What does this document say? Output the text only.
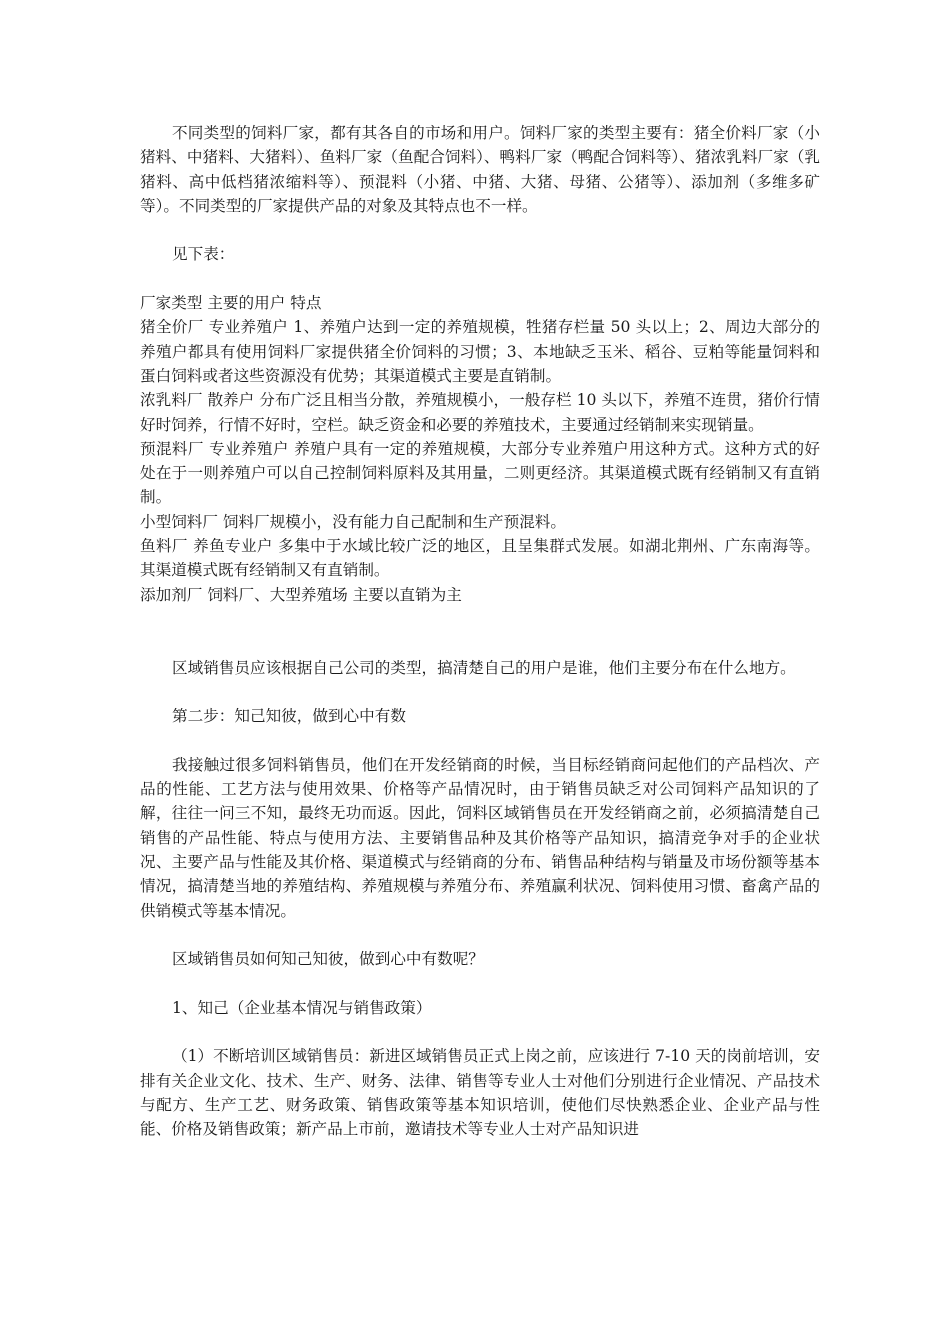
不同类型的饲料厂家，都有其各自的市场和用户。饲料厂家的类型主要有：猪全价料厂家（小猪料、中猪料、大猪料）、鱼料厂家（鱼配合饲料）、鸭料厂家（鸭配合饲料等）、猪浓乳料厂家（乳猪料、高中低档猪浓缩料等）、预混料（小猪、中猪、大猪、母猪、公猪等）、添加剂（多维多矿等）。不同类型的厂家提供产品的对象及其特点也不一样。

见下表：

厂家类型 主要的用户 特点

猪全价厂 专业养殖户 1、养殖户达到一定的养殖规模，牲猪存栏量 50 头以上；2、周边大部分的养殖户都具有使用饲料厂家提供猪全价饲料的习惯；3、本地缺乏玉米、稻谷、豆粕等能量饲料和蛋白饲料或者这些资源没有优势；其渠道模式主要是直销制。

浓乳料厂 散养户 分布广泛且相当分散，养殖规模小，一般存栏 10 头以下，养殖不连贯，猪价行情好时饲养，行情不好时，空栏。缺乏资金和必要的养殖技术，主要通过经销制来实现销量。

预混料厂 专业养殖户 养殖户具有一定的养殖规模，大部分专业养殖户用这种方式。这种方式的好处在于一则养殖户可以自己控制饲料原料及其用量，二则更经济。其渠道模式既有经销制又有直销制。

小型饲料厂 饲料厂规模小，没有能力自己配制和生产预混料。

鱼料厂 养鱼专业户 多集中于水域比较广泛的地区，且呈集群式发展。如湖北荆州、广东南海等。其渠道模式既有经销制又有直销制。

添加剂厂 饲料厂、大型养殖场 主要以直销为主

区域销售员应该根据自己公司的类型，搞清楚自己的用户是谁，他们主要分布在什么地方。

第二步：知己知彼，做到心中有数

我接触过很多饲料销售员，他们在开发经销商的时候，当目标经销商问起他们的产品档次、产品的性能、工艺方法与使用效果、价格等产品情况时，由于销售员缺乏对公司饲料产品知识的了解，往往一问三不知，最终无功而返。因此，饲料区域销售员在开发经销商之前，必须搞清楚自己销售的产品性能、特点与使用方法、主要销售品种及其价格等产品知识，搞清竞争对手的企业状况、主要产品与性能及其价格、渠道模式与经销商的分布、销售品种结构与销量及市场份额等基本情况，搞清楚当地的养殖结构、养殖规模与养殖分布、养殖赢利状况、饲料使用习惯、畜禽产品的供销模式等基本情况。

区域销售员如何知己知彼，做到心中有数呢？

1、知己（企业基本情况与销售政策）

（1）不断培训区域销售员：新进区域销售员正式上岗之前，应该进行 7-10 天的岗前培训，安排有关企业文化、技术、生产、财务、法律、销售等专业人士对他们分别进行企业情况、产品技术与配方、生产工艺、财务政策、销售政策等基本知识培训，使他们尽快熟悉企业、企业产品与性能、价格及销售政策；新产品上市前，邀请技术等专业人士对产品知识进
